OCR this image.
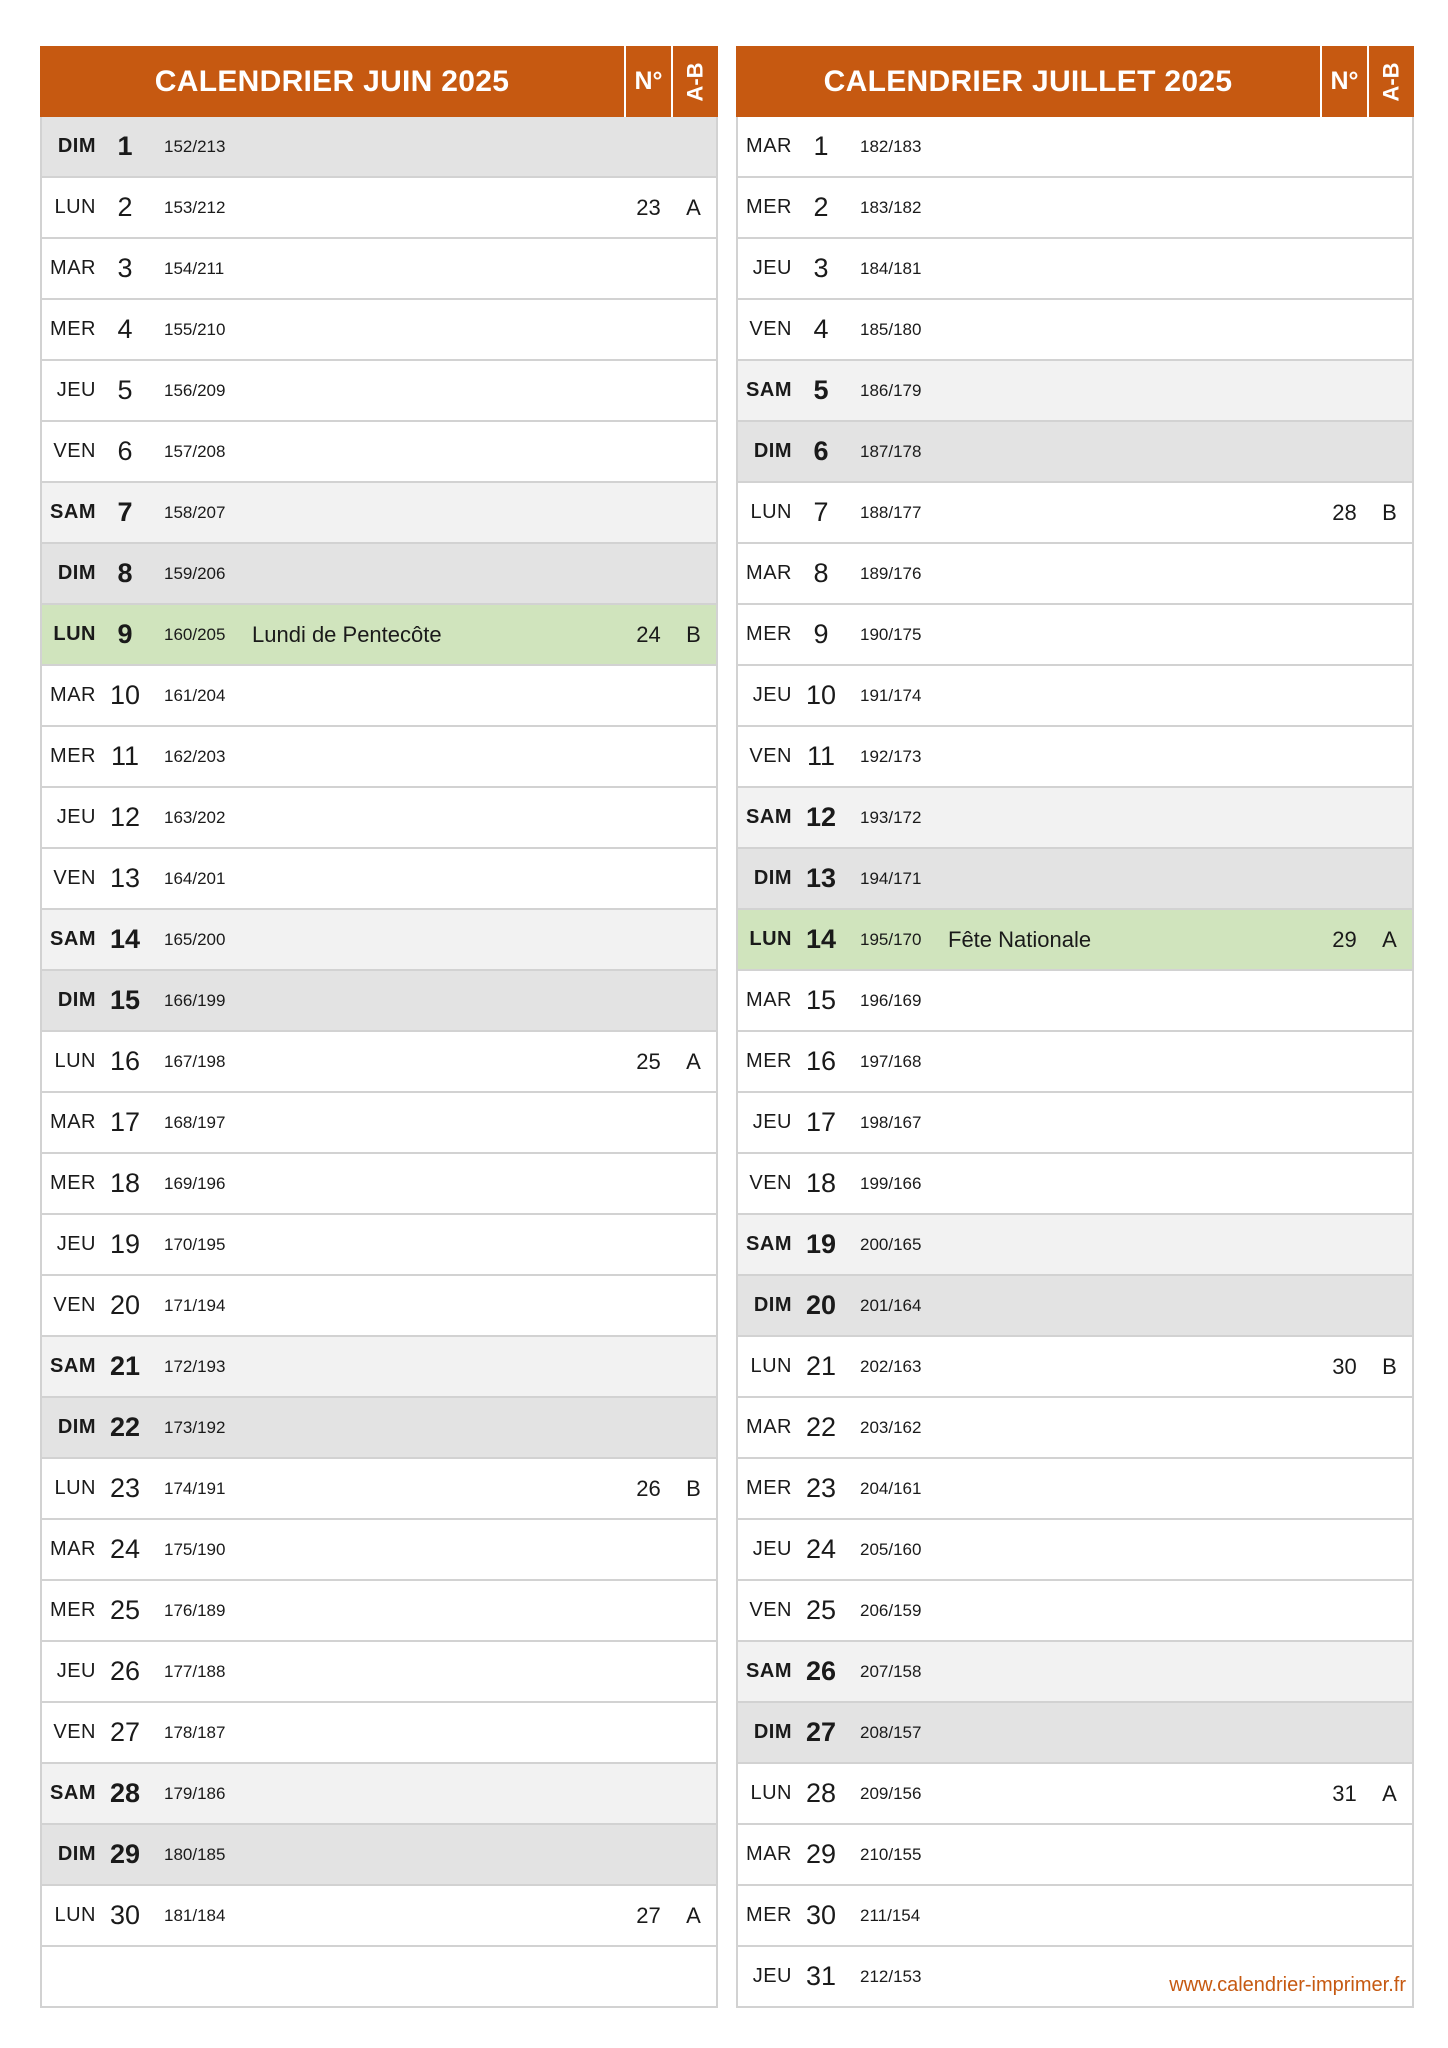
CALENDRIER JUIN 2025	N° A-B
DIM 1	152/213
LUN 2	153/212	23	A
MAR 3	154/211
MER 4	155/210
JEU 5	156/209
VEN 6	157/208
SAM 7	158/207
DIM 8	159/206
LUN 9	160/205	Lundi de Pentecôte	24	B
MAR 10	161/204
MER 11	162/203
JEU 12	163/202
VEN 13	164/201
SAM 14	165/200
DIM 15	166/199
LUN 16	167/198	25	A
MAR 17	168/197
MER 18	169/196
JEU 19	170/195
VEN 20	171/194
SAM 21	172/193
DIM 22	173/192
LUN 23	174/191	26	B
MAR 24	175/190
MER 25	176/189
JEU 26	177/188
VEN 27	178/187
SAM 28	179/186
DIM 29	180/185
LUN 30	181/184	27	A
CALENDRIER JUILLET 2025	N° A-B
MAR 1	182/183
MER 2	183/182
JEU 3	184/181
VEN 4	185/180
SAM 5	186/179
DIM 6	187/178
LUN 7	188/177	28	B
MAR 8	189/176
MER 9	190/175
JEU 10	191/174
VEN 11	192/173
SAM 12	193/172
DIM 13	194/171
LUN 14	195/170	Fête Nationale	29	A
MAR 15	196/169
MER 16	197/168
JEU 17	198/167
VEN 18	199/166
SAM 19	200/165
DIM 20	201/164
LUN 21	202/163	30	B
MAR 22	203/162
MER 23	204/161
JEU 24	205/160
VEN 25	206/159
SAM 26	207/158
DIM 27	208/157
LUN 28	209/156	31	A
MAR 29	210/155
MER 30	211/154
JEU 31	212/153	www.calendrier-imprimer.fr
